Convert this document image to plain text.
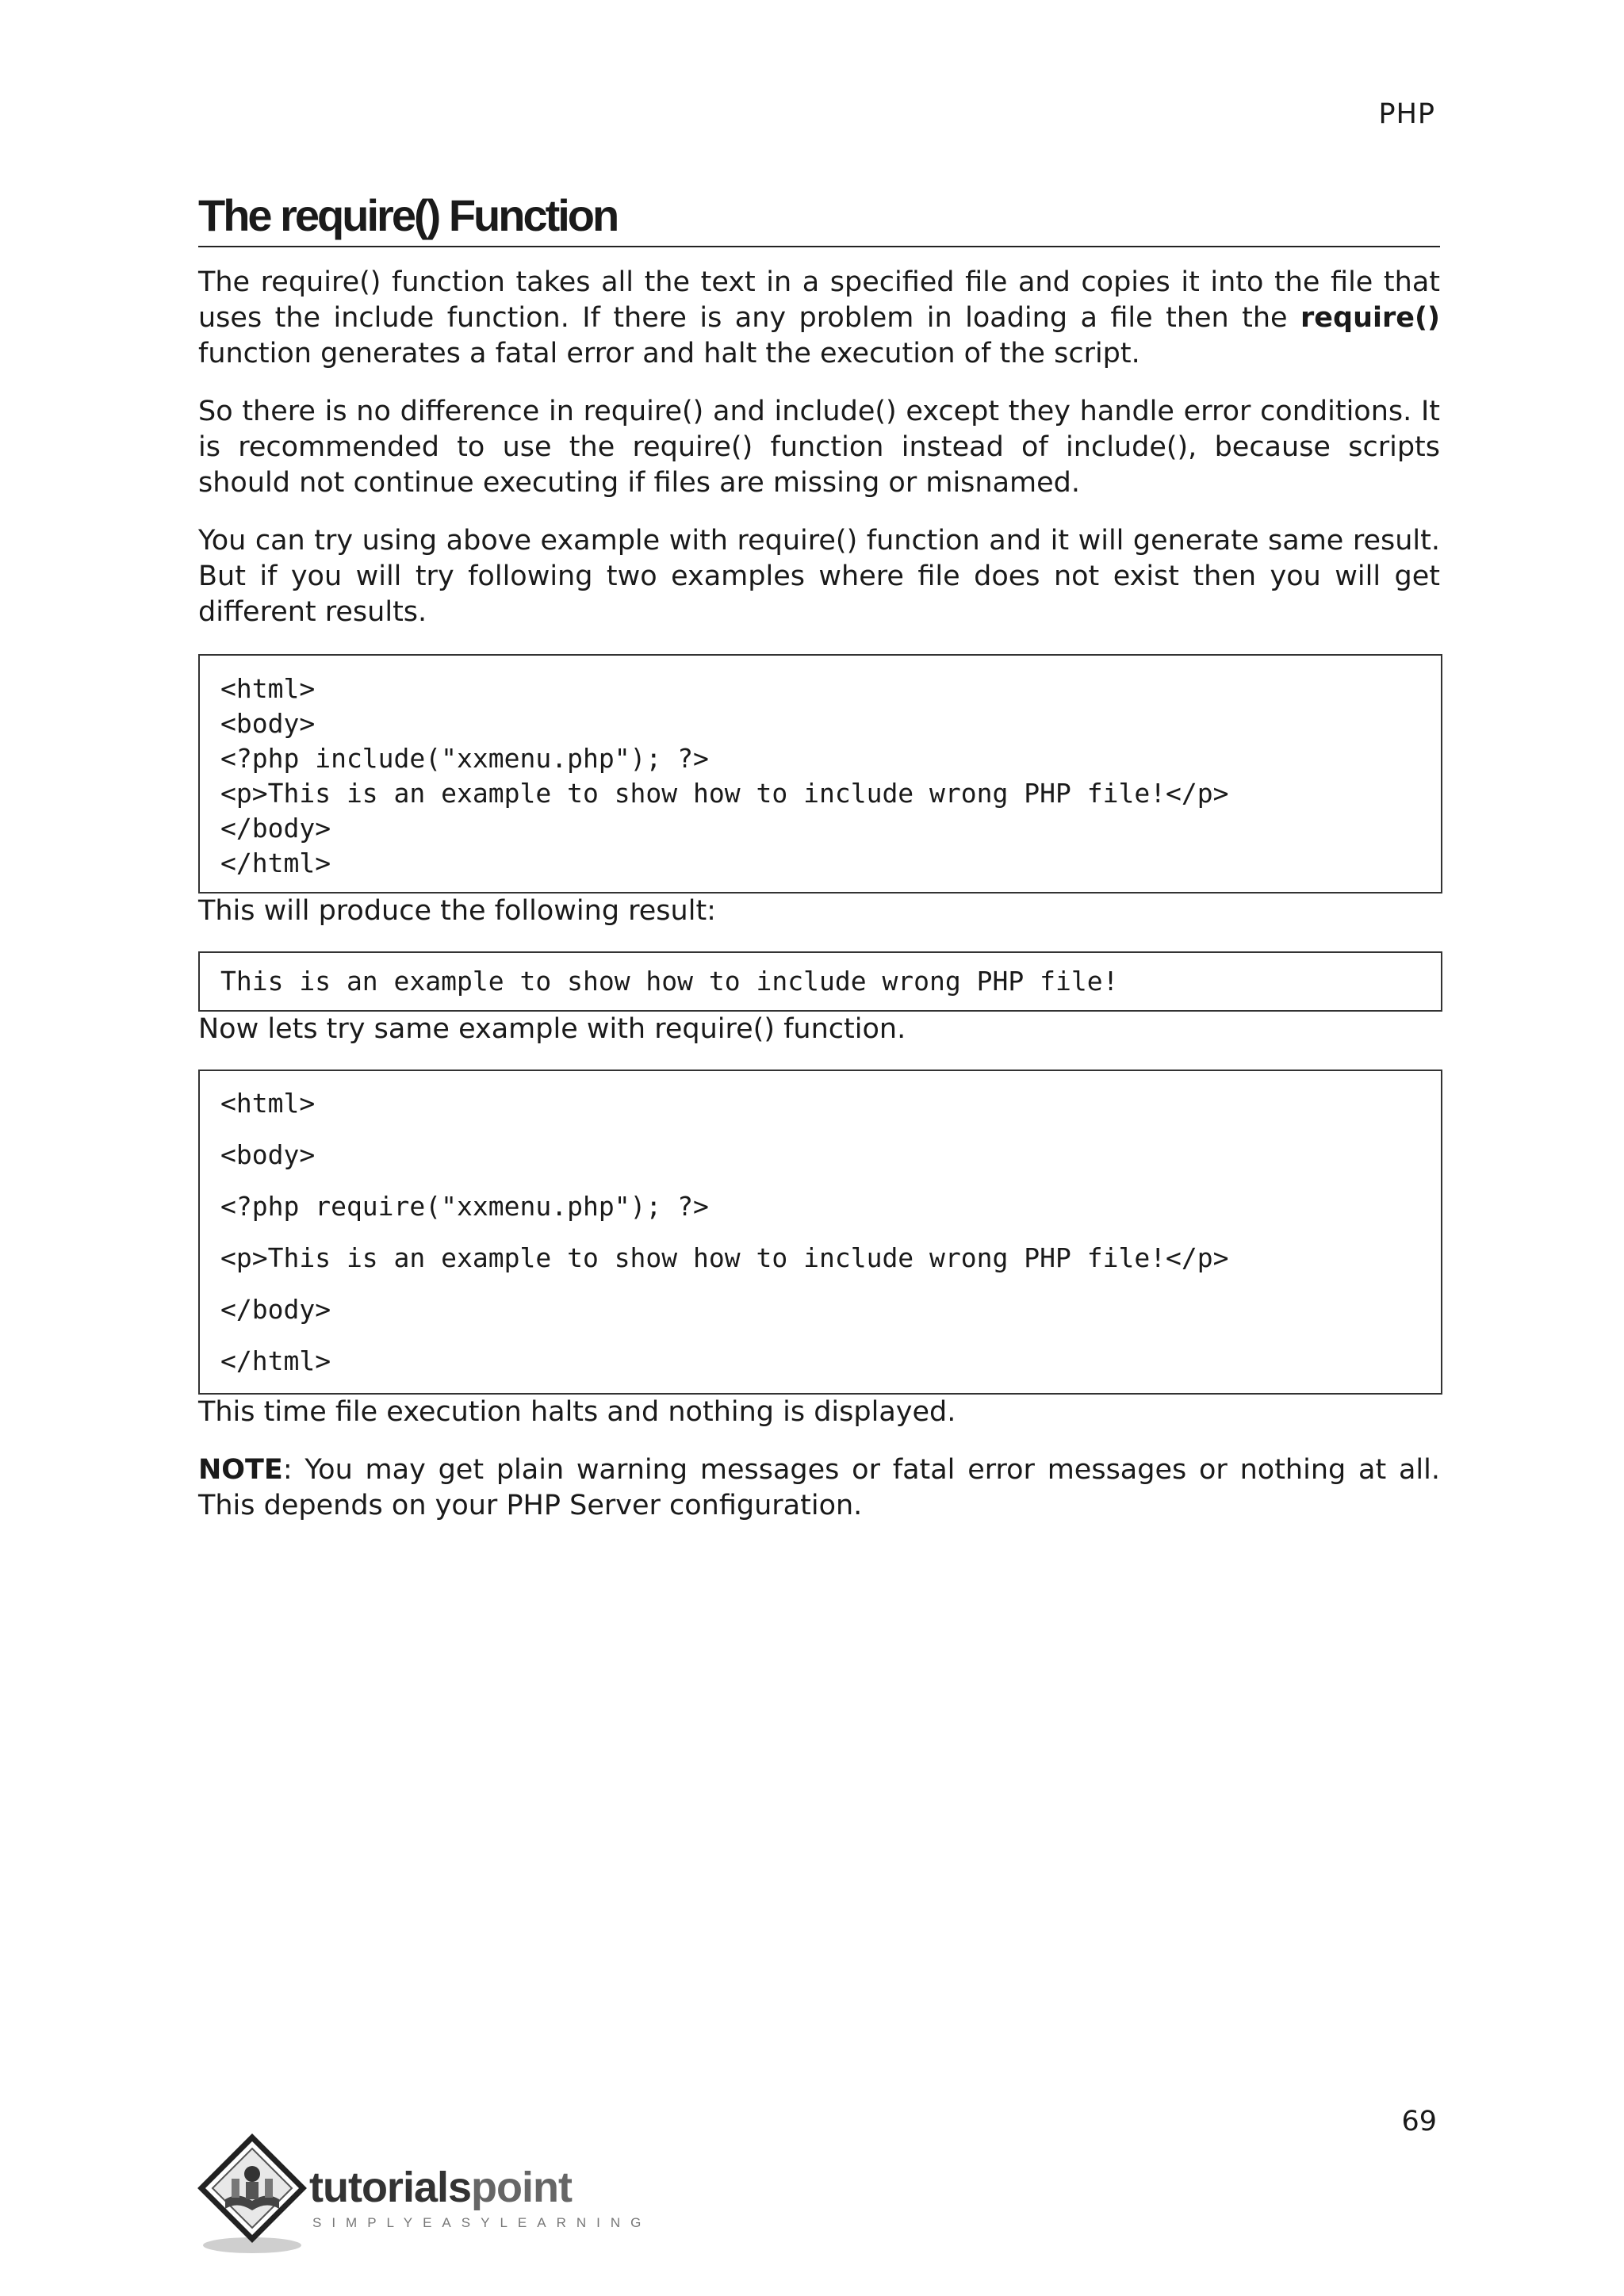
PHP
The require() Function

The require() function takes all the text in a specified file and copies it into the file that uses the include function. If there is any problem in loading a file then the require() function generates a fatal error and halt the execution of the script.

So there is no difference in require() and include() except they handle error conditions. It is recommended to use the require() function instead of include(), because scripts should not continue executing if files are missing or misnamed.

You can try using above example with require() function and it will generate same result. But if you will try following two examples where file does not exist then you will get different results.

<html>
<body>
<?php include("xxmenu.php"); ?>
<p>This is an example to show how to include wrong PHP file!</p>
</body>
</html>

This will produce the following result:

This is an example to show how to include wrong PHP file!

Now lets try same example with require() function.

<html>
<body>
<?php require("xxmenu.php"); ?>
<p>This is an example to show how to include wrong PHP file!</p>
</body>
</html>

This time file execution halts and nothing is displayed.

NOTE: You may get plain warning messages or fatal error messages or nothing at all. This depends on your PHP Server configuration.

69
tutorialspoint
SIMPLYEASYLEARNING
